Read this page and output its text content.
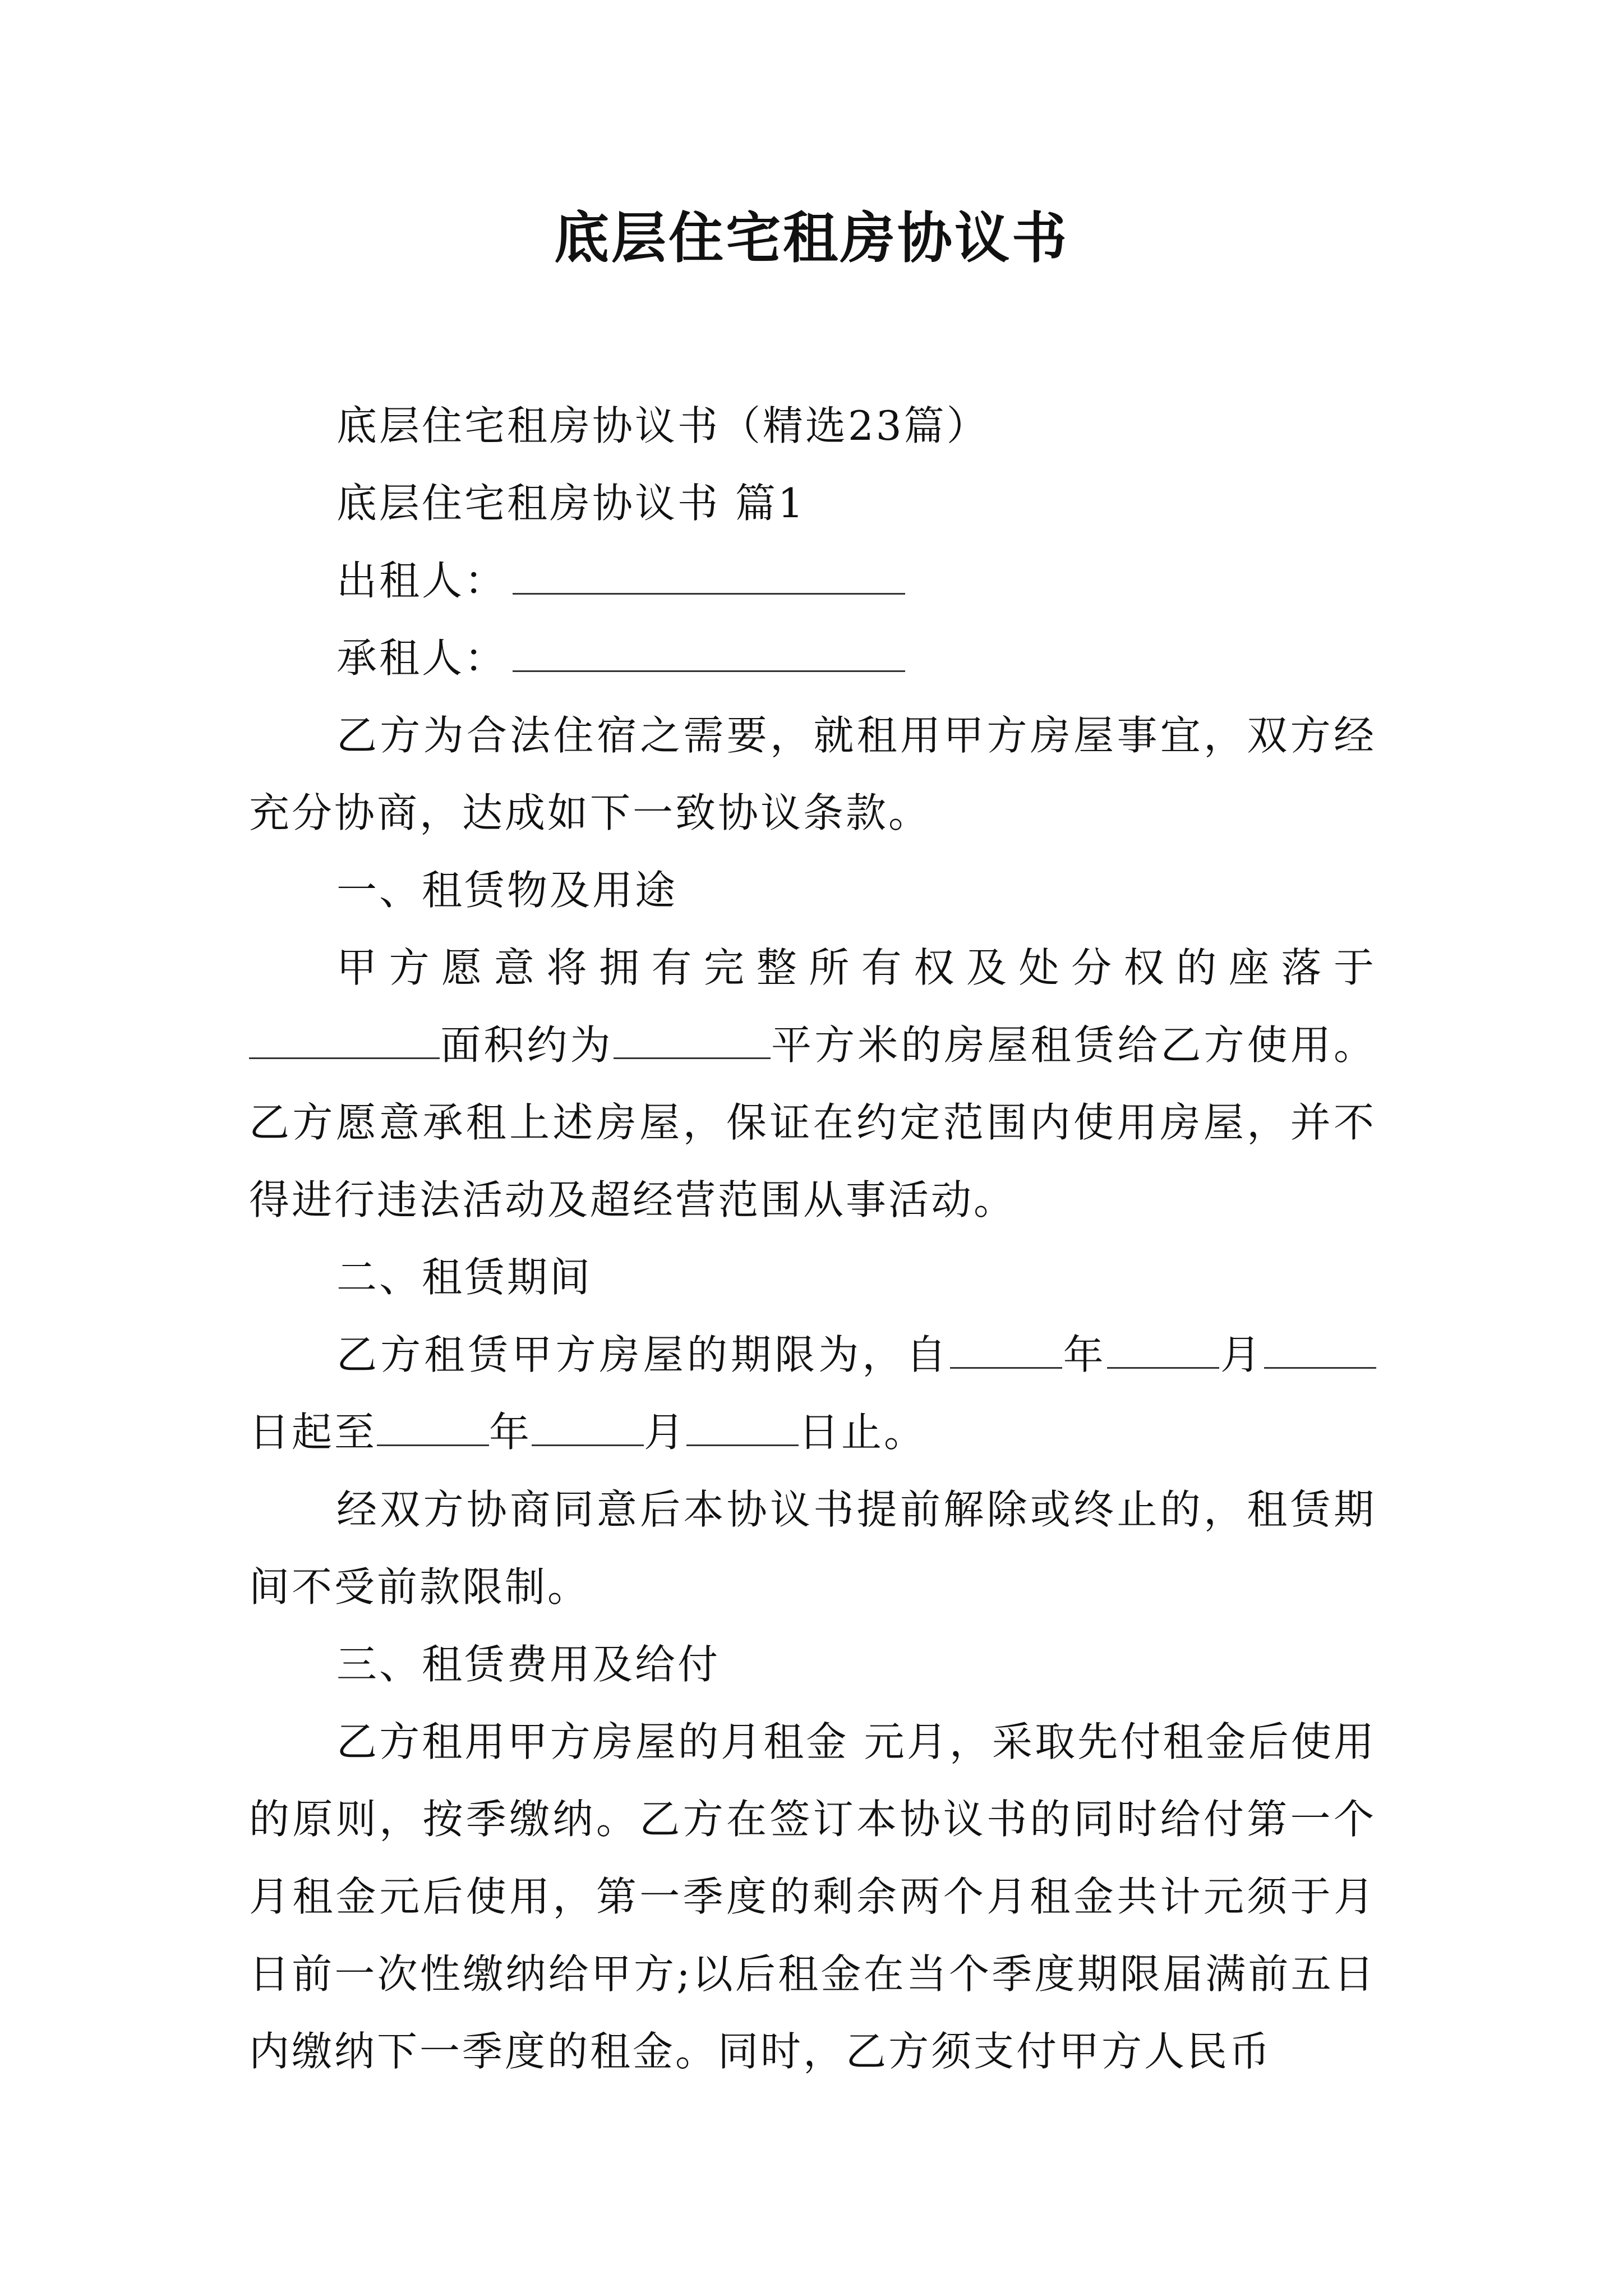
底层住宅租房协议书

底层住宅租房协议书（精选23篇）

底层住宅租房协议书 篇1

出租人：

承租人：

乙方为合法住宿之需要，就租用甲方房屋事宜，双方经充分协商，达成如下一致协议条款。

一、租赁物及用途

甲方愿意将拥有完整所有权及处分权的座落于面积约为	平方米的房屋租赁给乙方使用。乙方愿意承租上述房屋，保证在约定范围内使用房屋，并不得进行违法活动及超经营范围从事活动。

二、租赁期间

乙方租赁甲方房屋的期限为，自	年	月日起至	年	月	日止。

经双方协商同意后本协议书提前解除或终止的，租赁期间不受前款限制。

三、租赁费用及给付

乙方租用甲方房屋的月租金 元月，采取先付租金后使用的原则，按季缴纳。乙方在签订本协议书的同时给付第一个月租金元后使用，第一季度的剩余两个月租金共计元须于月 日前一次性缴纳给甲方;以后租金在当个季度期限届满前五日内缴纳下一季度的租金。同时，乙方须支付甲方人民币
